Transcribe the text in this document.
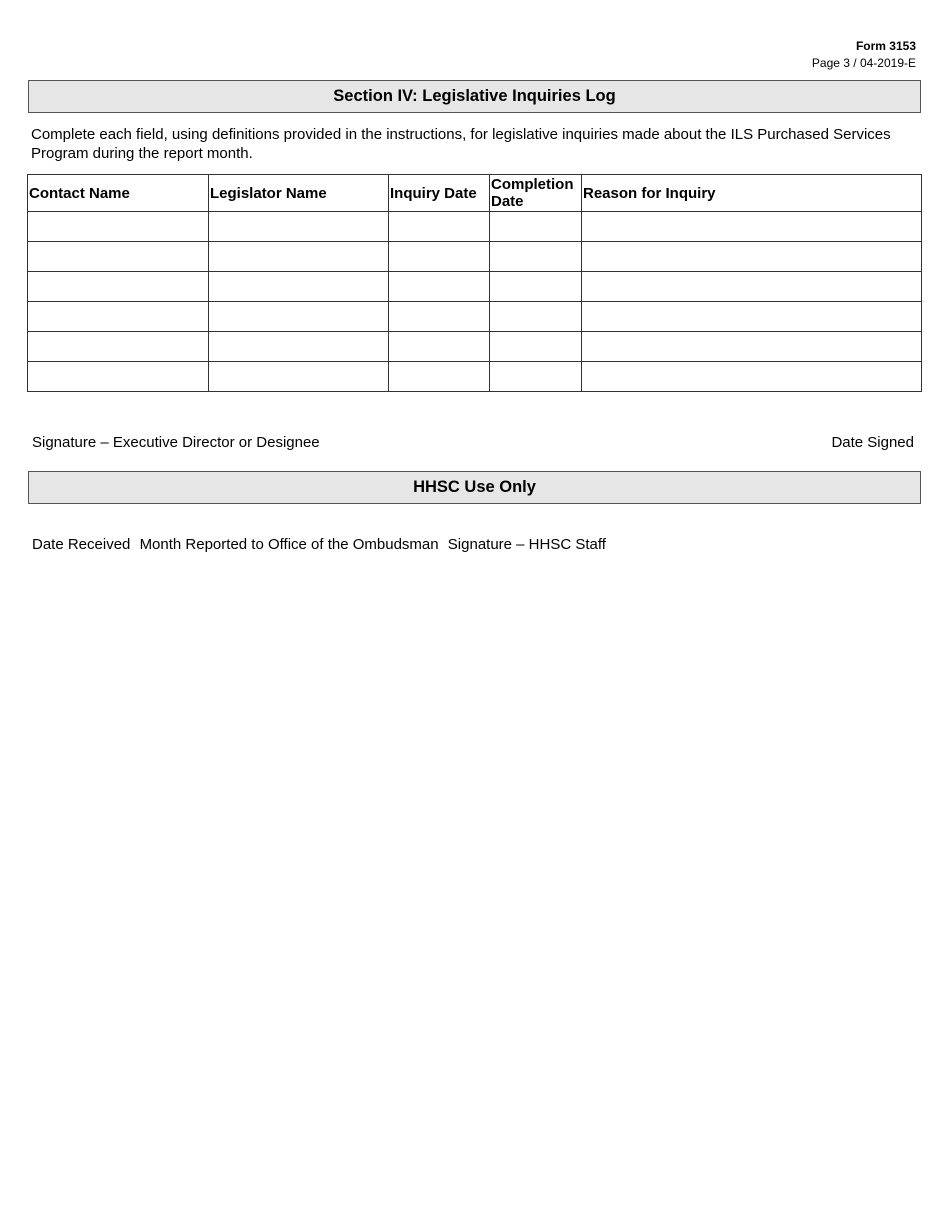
Form 3153
Page 3 / 04-2019-E
Section IV: Legislative Inquiries Log
Complete each field, using definitions provided in the instructions, for legislative inquiries made about the ILS Purchased Services Program during the report month.
Contact Name	Legislator Name	Inquiry Date	Completion Date	Reason for Inquiry

Signature – Executive Director or Designee	Date Signed
HHSC Use Only
Date Received Month Reported to Office of the Ombudsman Signature – HHSC Staff
